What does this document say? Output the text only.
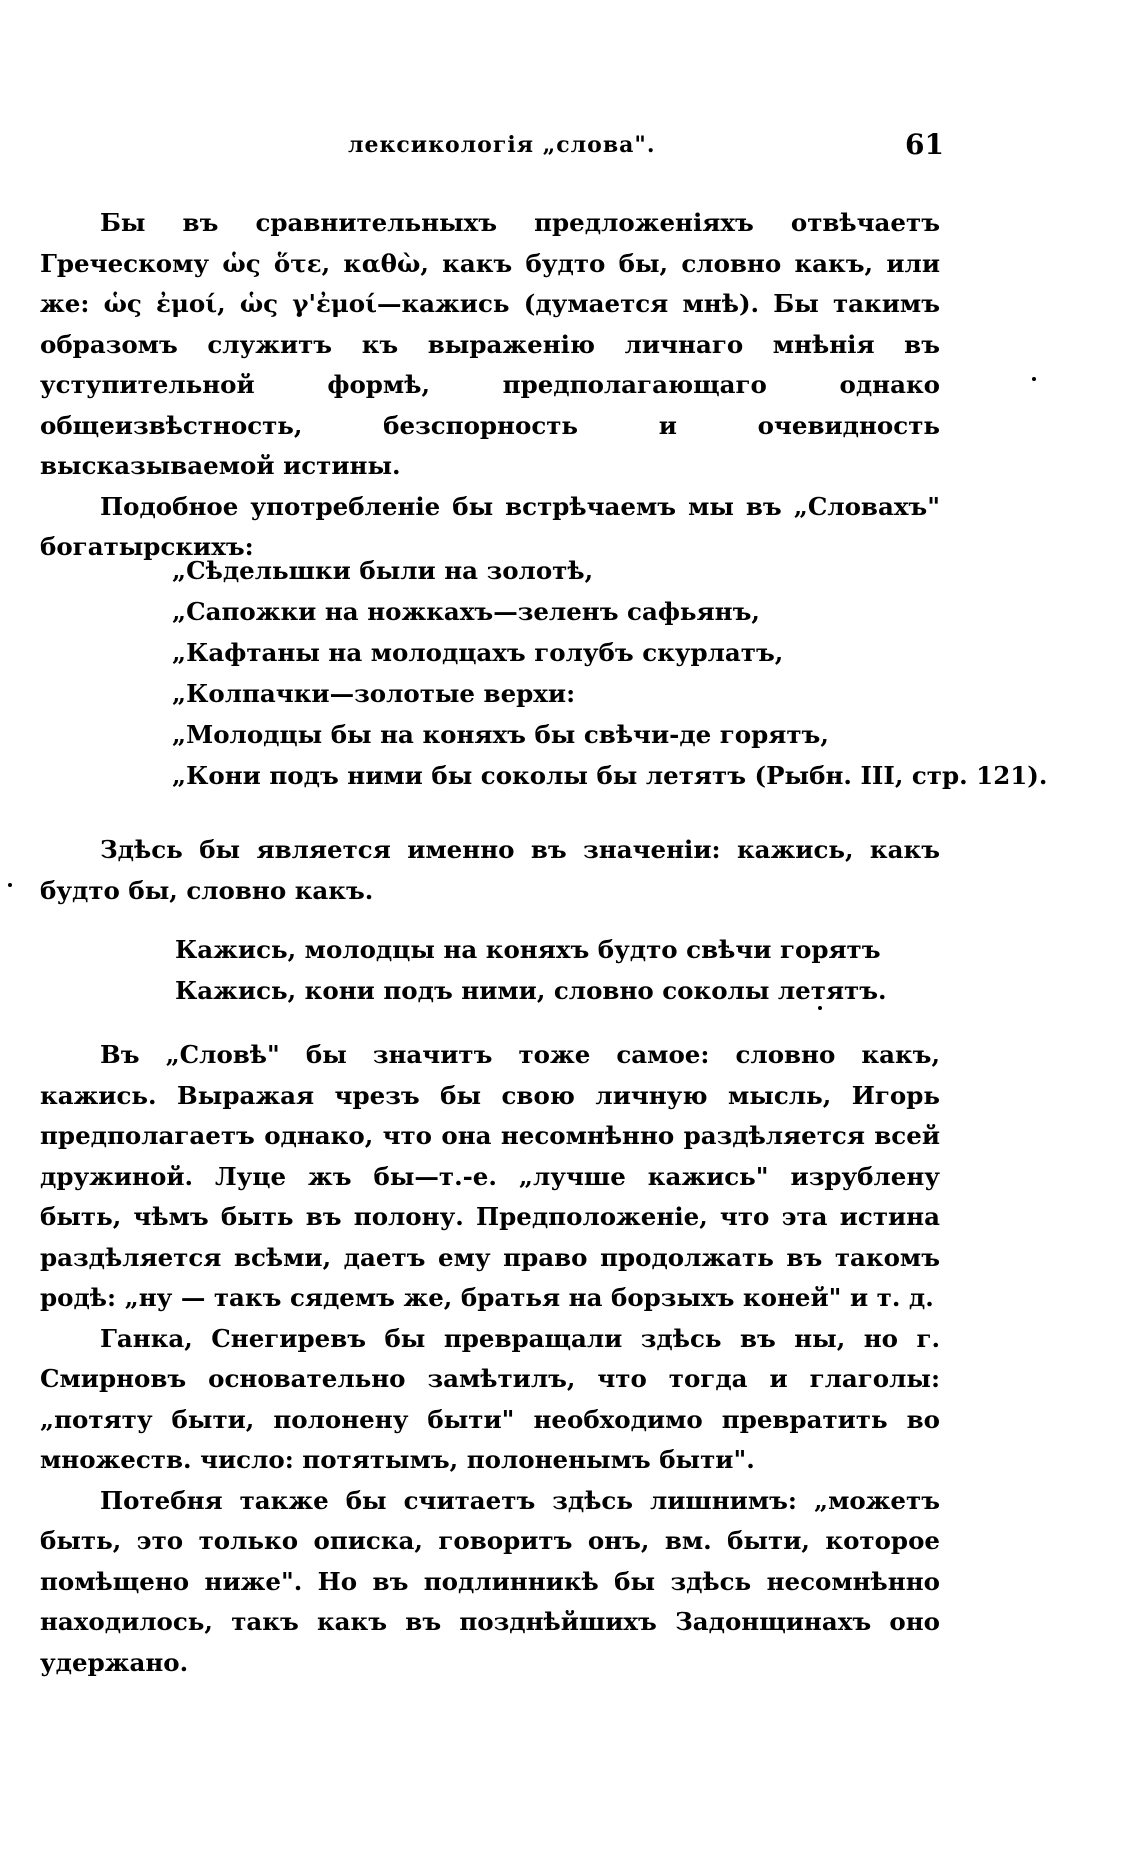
лексикологія „слова".	61

Бы въ сравнительныхъ предложеніяхъ отвѣчаетъ Греческому ὡς ὅτε, καθὼ, какъ будто бы, словно какъ, или же: ὡς ἐμοί, ὡς γ'ἐμοί—кажись (думается мнѣ). Бы такимъ образомъ служитъ къ выраженію личнаго мнѣнія въ уступительной формѣ, предполагающаго однако общеизвѣстность, безспорность и очевидность высказываемой истины.

Подобное употребленіе бы встрѣчаемъ мы въ „Словахъ" богатырскихъ:

„Сѣдельшки были на золотѣ,
„Сапожки на ножкахъ—зеленъ сафьянъ,
„Кафтаны на молодцахъ голубъ скурлатъ,
„Колпачки—золотые верхи:
„Молодцы бы на коняхъ бы свѣчи-де горятъ,
„Кони подъ ними бы соколы бы летятъ (Рыбн. III, стр. 121).

Здѣсь бы является именно въ значеніи: кажись, какъ будто бы, словно какъ.

Кажись, молодцы на коняхъ будто свѣчи горятъ
Кажись, кони подъ ними, словно соколы летятъ.

Въ „Словѣ" бы значитъ тоже самое: словно какъ, кажись. Выражая чрезъ бы свою личную мысль, Игорь предполагаетъ однако, что она несомнѣнно раздѣляется всей дружиной. Луце жъ бы—т.-е. „лучше кажись" изрублену быть, чѣмъ быть въ полону. Предположеніе, что эта истина раздѣляется всѣми, даетъ ему право продолжать въ такомъ родѣ: „ну — такъ сядемъ же, братья на борзыхъ коней" и т. д.

Ганка, Снегиревъ бы превращали здѣсь въ ны, но г. Смирновъ основательно замѣтилъ, что тогда и глаголы: „потяту быти, полонену быти" необходимо превратить во множеств. число: потятымъ, полоненымъ быти".

Потебня также бы считаетъ здѣсь лишнимъ: „можетъ быть, это только описка, говоритъ онъ, вм. быти, которое помѣщено ниже". Но въ подлинникѣ бы здѣсь несомнѣнно находилось, такъ какъ въ позднѣйшихъ Задонщинахъ оно удержано.
